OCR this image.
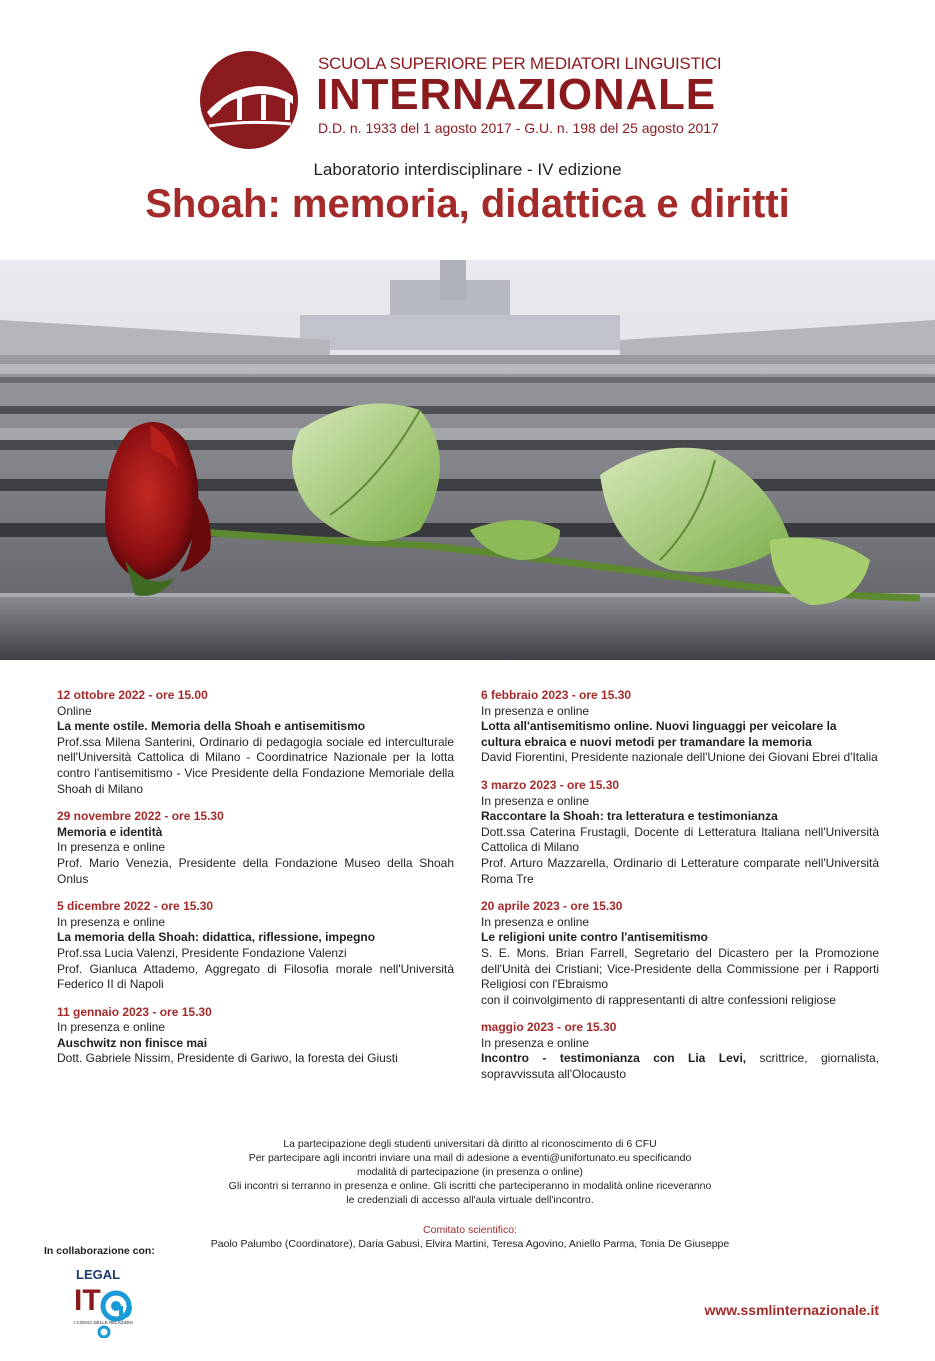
SCUOLA SUPERIORE PER MEDIATORI LINGUISTICI
INTERNAZIONALE
D.D. n. 1933 del 1 agosto 2017 - G.U. n. 198 del 25 agosto 2017
Laboratorio interdisciplinare - IV edizione
Shoah: memoria, didattica e diritti
12 ottobre 2022 - ore 15.00
Online
La mente ostile. Memoria della Shoah e antisemitismo
Prof.ssa Milena Santerini, Ordinario di pedagogia sociale ed interculturale nell'Università Cattolica di Milano - Coordinatrice Nazionale per la lotta contro l'antisemitismo - Vice Presidente della Fondazione Memoriale della Shoah di Milano
29 novembre 2022 - ore 15.30
Memoria e identità
In presenza e online
Prof. Mario Venezia, Presidente della Fondazione Museo della Shoah Onlus
5 dicembre 2022 - ore 15.30
In presenza e online
La memoria della Shoah: didattica, riflessione, impegno
Prof.ssa Lucia Valenzi, Presidente Fondazione Valenzi
Prof. Gianluca Attademo, Aggregato di Filosofia morale nell'Università Federico II di Napoli
11 gennaio 2023 - ore 15.30
In presenza e online
Auschwitz non finisce mai
Dott. Gabriele Nissim, Presidente di Gariwo, la foresta dei Giusti
6 febbraio 2023 - ore 15.30
In presenza e online
Lotta all'antisemitismo online. Nuovi linguaggi per veicolare la cultura ebraica e nuovi metodi per tramandare la memoria
David Fiorentini, Presidente nazionale dell'Unione dei Giovani Ebrei d'Italia
3 marzo 2023 - ore 15.30
In presenza e online
Raccontare la Shoah: tra letteratura e testimonianza
Dott.ssa Caterina Frustagli, Docente di Letteratura Italiana nell'Università Cattolica di Milano
Prof. Arturo Mazzarella, Ordinario di Letterature comparate nell'Università Roma Tre
20 aprile 2023 - ore 15.30
In presenza e online
Le religioni unite contro l'antisemitismo
S. E. Mons. Brian Farrell, Segretario del Dicastero per la Promozione dell'Unità dei Cristiani; Vice-Presidente della Commissione per i Rapporti Religiosi con l'Ebraismo
con il coinvolgimento di rappresentanti di altre confessioni religiose
maggio 2023 - ore 15.30
In presenza e online
Incontro - testimonianza con Lia Levi, scrittrice, giornalista, sopravvissuta all'Olocausto
La partecipazione degli studenti universitari dà diritto al riconoscimento di 6 CFU
Per partecipare agli incontri inviare una mail di adesione a eventi@unifortunato.eu specificando
modalità di partecipazione (in presenza o online)
Gli incontri si terranno in presenza e online. Gli iscritti che parteciperanno in modalità online riceveranno
le credenziali di accesso all'aula virtuale dell'incontro.
Comitato scientifico:
Paolo Palumbo (Coordinatore), Daria Gabusi, Elvira Martini, Teresa Agovino, Aniello Parma, Tonia De Giuseppe
In collaborazione con:
LEGAL
IT
I CODICI DELLE RELAZIONI
www.ssmlinternazionale.it
